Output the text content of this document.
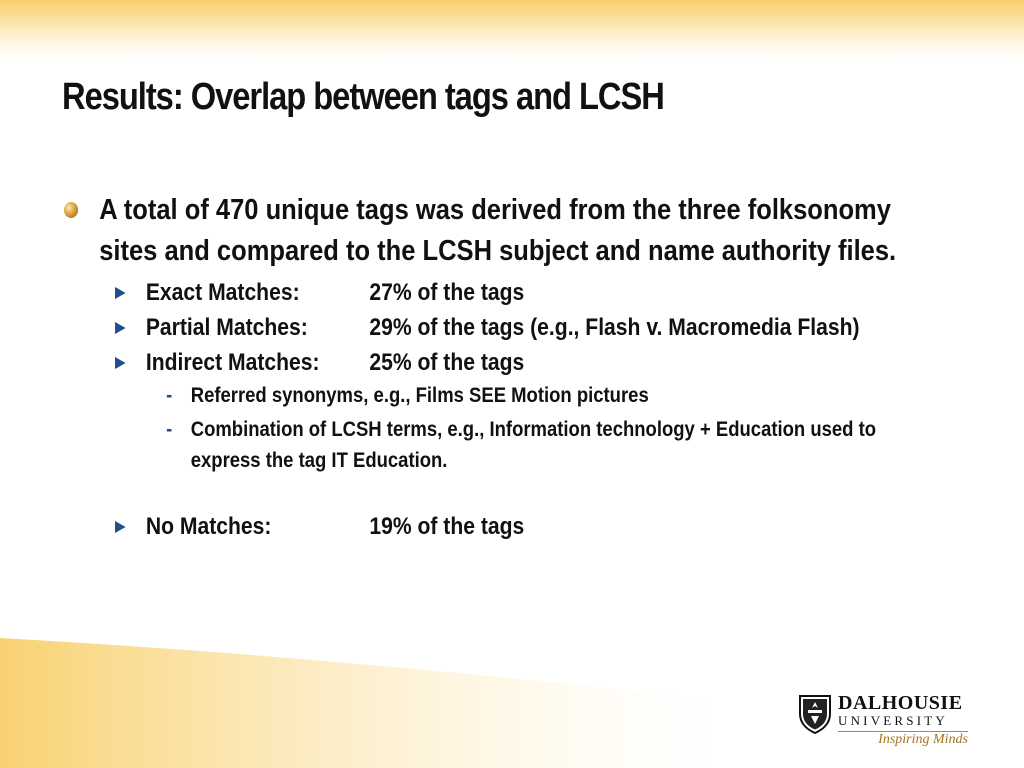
Results: Overlap between tags and LCSH
A total of 470 unique tags was derived from the three folksonomy sites and compared to the LCSH subject and name authority files.
Exact Matches:	27% of the tags
Partial Matches:	29% of the tags (e.g., Flash v. Macromedia Flash)
Indirect Matches: 25% of the tags
- Referred synonyms, e.g., Films SEE Motion pictures
- Combination of LCSH terms, e.g., Information technology + Education used to express the tag IT Education.
No Matches:	19% of the tags
DALHOUSIE
UNIVERSITY
Inspiring Minds
